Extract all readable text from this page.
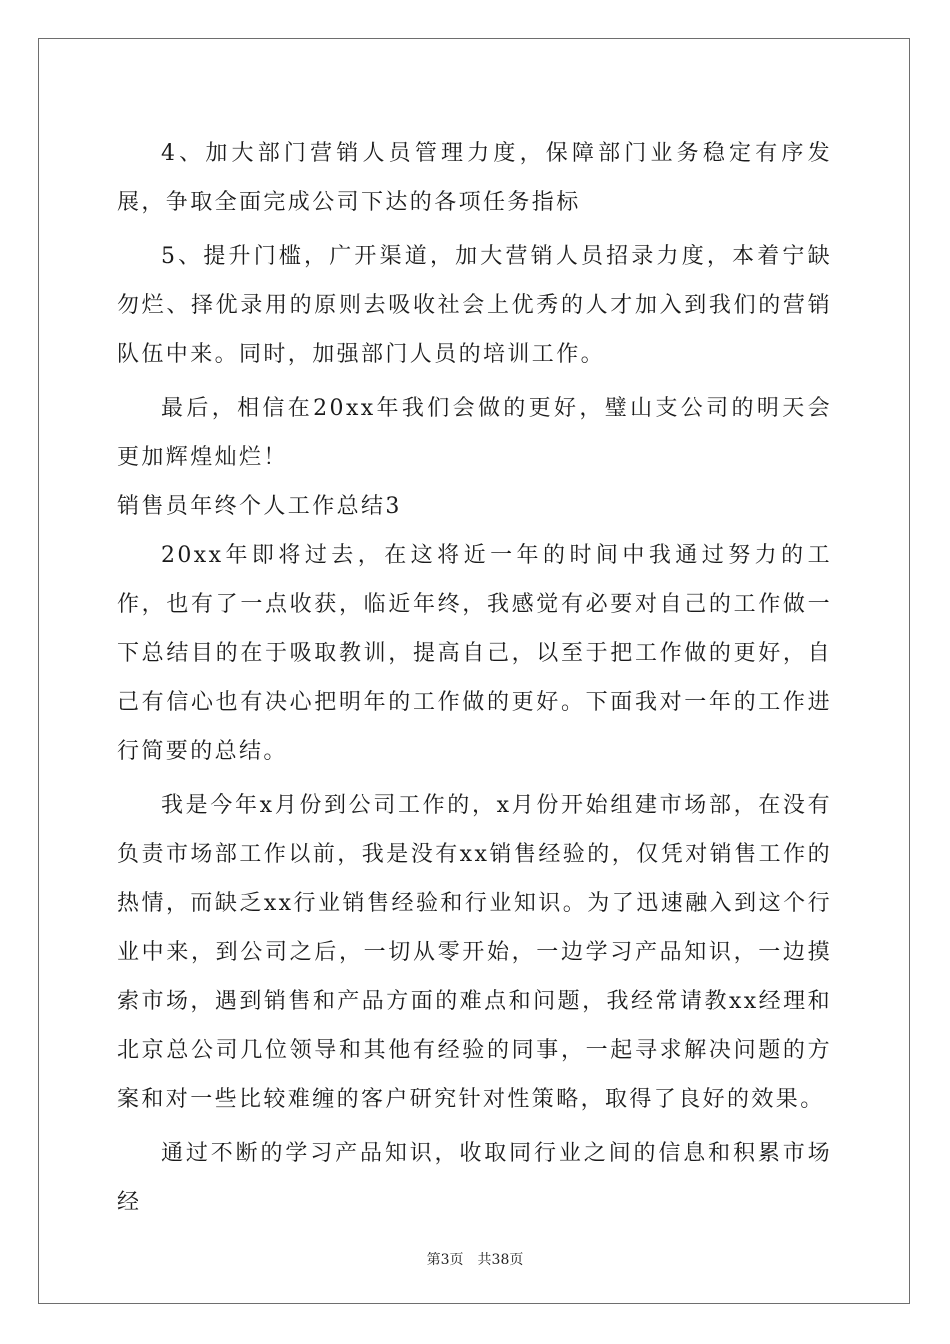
4、加大部门营销人员管理力度，保障部门业务稳定有序发展，争取全面完成公司下达的各项任务指标

5、提升门槛，广开渠道，加大营销人员招录力度，本着宁缺勿烂、择优录用的原则去吸收社会上优秀的人才加入到我们的营销队伍中来。同时，加强部门人员的培训工作。

最后，相信在20xx年我们会做的更好，璧山支公司的明天会更加辉煌灿烂！

销售员年终个人工作总结3

20xx年即将过去，在这将近一年的时间中我通过努力的工作，也有了一点收获，临近年终，我感觉有必要对自己的工作做一下总结目的在于吸取教训，提高自己，以至于把工作做的更好，自己有信心也有决心把明年的工作做的更好。下面我对一年的工作进行简要的总结。

我是今年x月份到公司工作的，x月份开始组建市场部，在没有负责市场部工作以前，我是没有xx销售经验的，仅凭对销售工作的热情，而缺乏xx行业销售经验和行业知识。为了迅速融入到这个行业中来，到公司之后，一切从零开始，一边学习产品知识，一边摸索市场，遇到销售和产品方面的难点和问题，我经常请教xx经理和北京总公司几位领导和其他有经验的同事，一起寻求解决问题的方案和对一些比较难缠的客户研究针对性策略，取得了良好的效果。

通过不断的学习产品知识，收取同行业之间的信息和积累市场经

第3页 共38页
